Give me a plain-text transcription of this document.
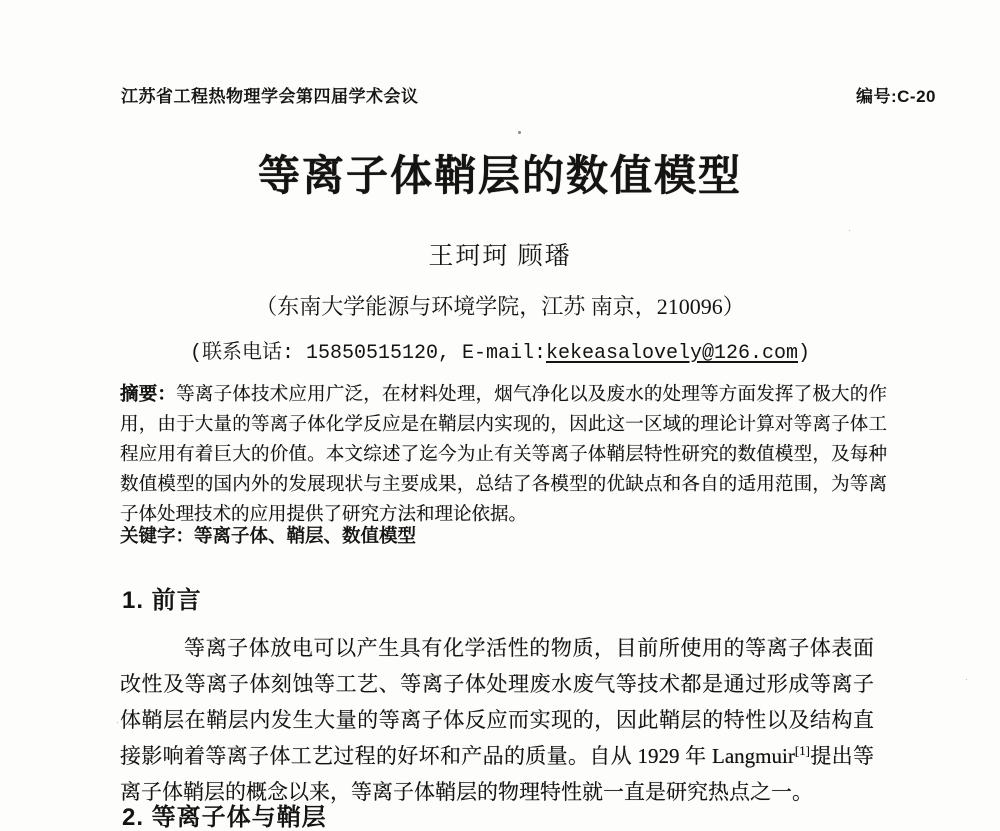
江苏省工程热物理学会第四届学术会议	编号:C-20
等离子体鞘层的数值模型
王珂珂 顾璠
（东南大学能源与环境学院，江苏 南京，210096）
(联系电话: 15850515120, E-mail:kekeasalovely@126.com)
摘要：等离子体技术应用广泛，在材料处理，烟气净化以及废水的处理等方面发挥了极大的作用，由于大量的等离子体化学反应是在鞘层内实现的，因此这一区域的理论计算对等离子体工程应用有着巨大的价值。本文综述了迄今为止有关等离子体鞘层特性研究的数值模型，及每种数值模型的国内外的发展现状与主要成果，总结了各模型的优缺点和各自的适用范围，为等离子体处理技术的应用提供了研究方法和理论依据。
关键字：等离子体、鞘层、数值模型
1. 前言

等离子体放电可以产生具有化学活性的物质，目前所使用的等离子体表面改性及等离子体刻蚀等工艺、等离子体处理废水废气等技术都是通过形成等离子体鞘层在鞘层内发生大量的等离子体反应而实现的，因此鞘层的特性以及结构直接影响着等离子体工艺过程的好坏和产品的质量。自从 1929 年 Langmuir[1]提出等离子体鞘层的概念以来，等离子体鞘层的物理特性就一直是研究热点之一。

2. 等离子体与鞘层
